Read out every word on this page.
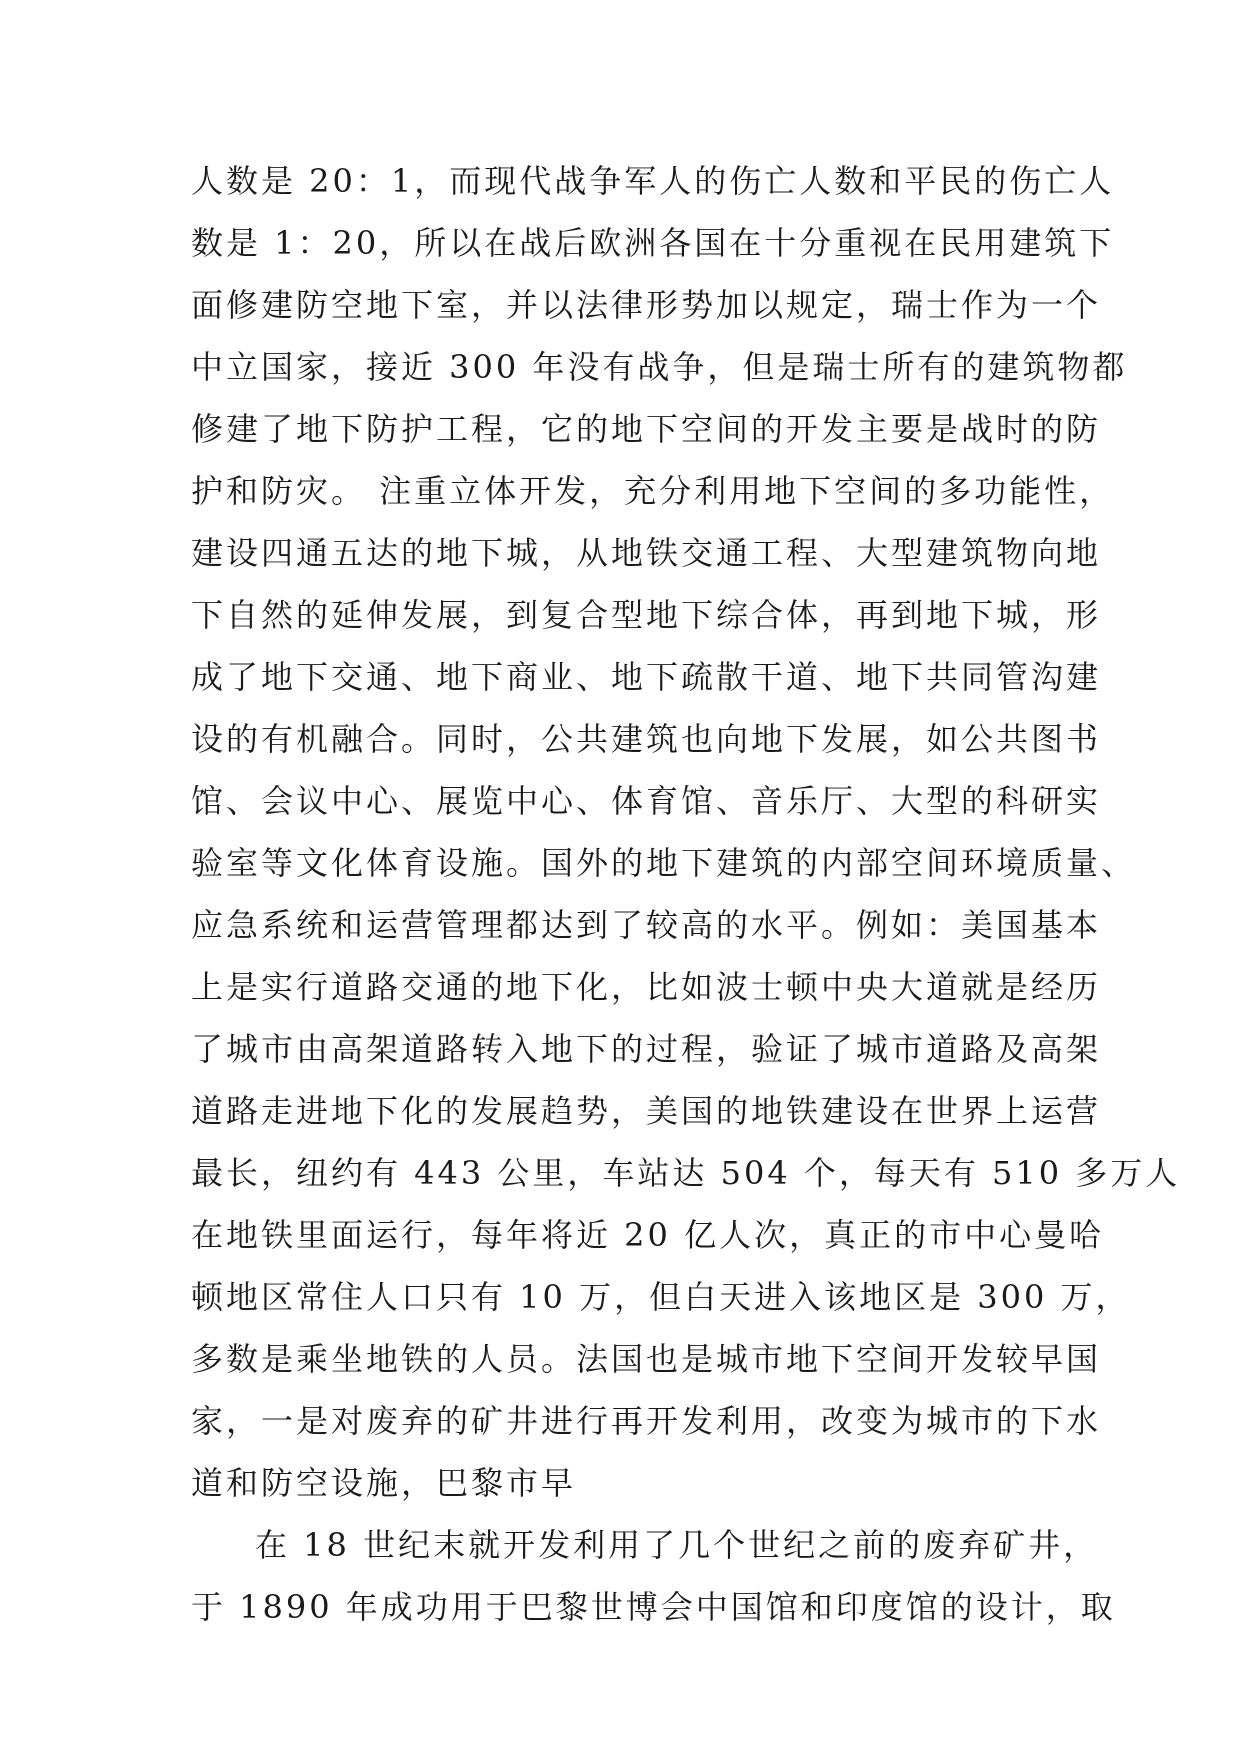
人数是 20：1，而现代战争军人的伤亡人数和平民的伤亡人
数是 1：20，所以在战后欧洲各国在十分重视在民用建筑下
面修建防空地下室，并以法律形势加以规定，瑞士作为一个
中立国家，接近 300 年没有战争，但是瑞士所有的建筑物都
修建了地下防护工程，它的地下空间的开发主要是战时的防
护和防灾。 注重立体开发，充分利用地下空间的多功能性，
建设四通五达的地下城，从地铁交通工程、大型建筑物向地
下自然的延伸发展，到复合型地下综合体，再到地下城，形
成了地下交通、地下商业、地下疏散干道、地下共同管沟建
设的有机融合。同时，公共建筑也向地下发展，如公共图书
馆、会议中心、展览中心、体育馆、音乐厅、大型的科研实
验室等文化体育设施。国外的地下建筑的内部空间环境质量、
应急系统和运营管理都达到了较高的水平。例如：美国基本
上是实行道路交通的地下化，比如波士顿中央大道就是经历
了城市由高架道路转入地下的过程，验证了城市道路及高架
道路走进地下化的发展趋势，美国的地铁建设在世界上运营
最长，纽约有 443 公里，车站达 504 个，每天有 510 多万人
在地铁里面运行，每年将近 20 亿人次，真正的市中心曼哈
顿地区常住人口只有 10 万，但白天进入该地区是 300 万，
多数是乘坐地铁的人员。法国也是城市地下空间开发较早国
家，一是对废弃的矿井进行再开发利用，改变为城市的下水
道和防空设施，巴黎市早
在 18 世纪末就开发利用了几个世纪之前的废弃矿井，
于 1890 年成功用于巴黎世博会中国馆和印度馆的设计，取
